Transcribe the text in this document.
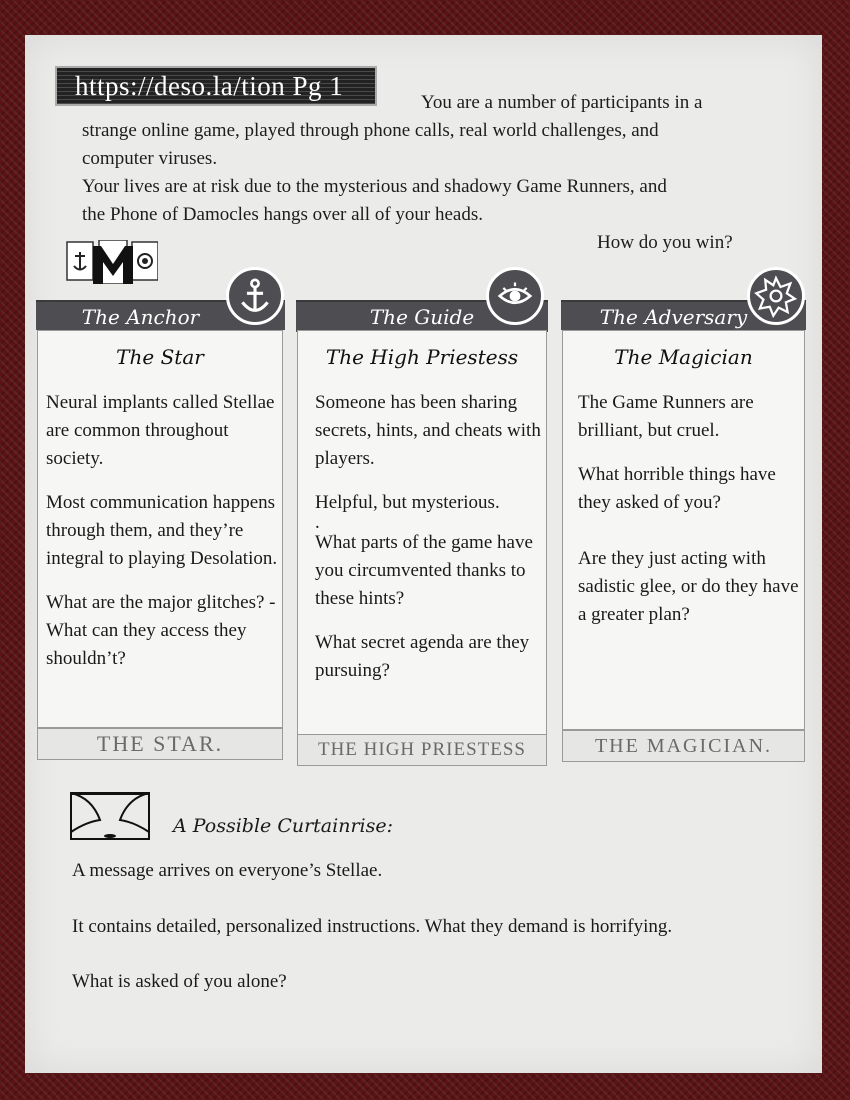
https://deso.la/tion Pg 1
You are a number of participants in a
strange online game, played through phone calls, real world challenges, and
computer viruses.
Your lives are at risk due to the mysterious and shadowy Game Runners, and
the Phone of Damocles hangs over all of your heads.
How do you win?
The Anchor
The Star

Neural implants called Stellae are common throughout society.

Most communication happens through them, and they’re integral to playing Desolation.

What are the major glitches? - What can they access they shouldn’t?

THE STAR.
The Guide
The High Priestess

Someone has been sharing secrets, hints, and cheats with players.

Helpful, but mysterious.

.

What parts of the game have you circumvented thanks to these hints?

What secret agenda are they pursuing?

THE HIGH PRIESTESS
The Adversary
The Magician

The Game Runners are brilliant, but cruel.

What horrible things have they asked of you?

Are they just acting with sadistic glee, or do they have a greater plan?

THE MAGICIAN.
A Possible Curtainrise:
A message arrives on everyone’s Stellae.
It contains detailed, personalized instructions. What they demand is horrifying.
What is asked of you alone?
